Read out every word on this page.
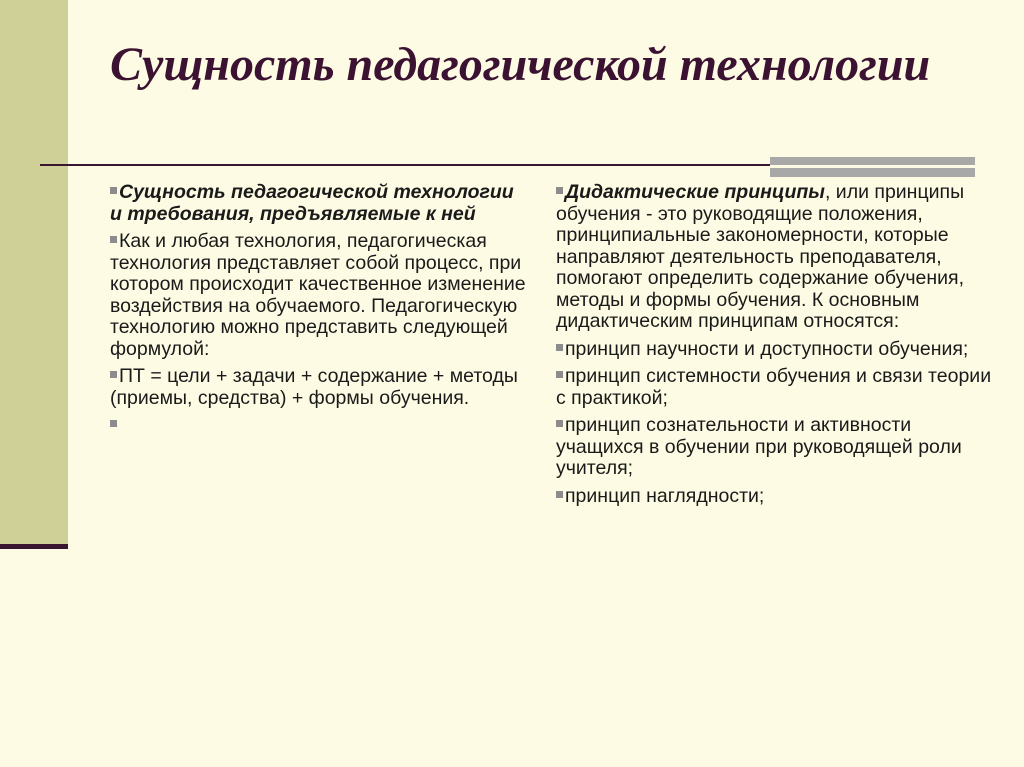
Сущность педагогической технологии

Сущность педагогической технологии и требования, предъявляемые к ней

Как и любая технология, педагогическая технология представляет собой процесс, при котором происходит качественное изменение воздействия на обучаемого. Педагогическую технологию можно представить следующей формулой:

ПТ = цели + задачи + содержание + методы (приемы, средства) + формы обучения.

Дидактические принципы, или принципы обучения - это руководящие положения, принципиальные закономерности, которые направляют деятельность преподавателя, помогают определить содержание обучения, методы и формы обучения. К основным дидактическим принципам относятся:

принцип научности и доступности обучения;

принцип системности обучения и связи теории с практикой;

принцип сознательности и активности учащихся в обучении при руководящей роли учителя;

принцип наглядности;
